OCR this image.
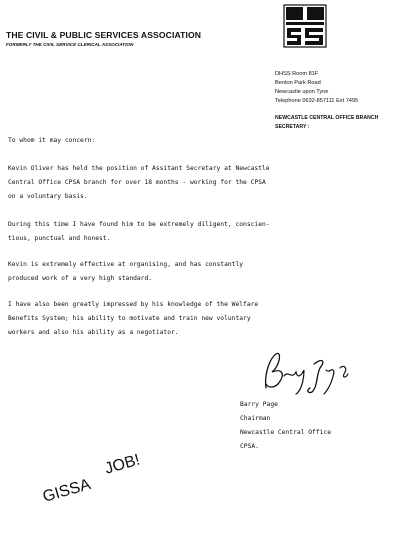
THE CIVIL & PUBLIC SERVICES ASSOCIATION
FORMERLY THE CIVIL SERVICE CLERICAL ASSOCIATION
DHSS Room 81F
Benton Park Road
Newcastle upon Tyne
Telephone 0632-857111 Ext 7495
NEWCASTLE CENTRAL OFFICE BRANCH
SECRETARY :
To whom it may concern:
Kevin Oliver has held the position of Assitant Secretary at Newcastle
Central Office CPSA branch for over 18 months - working for the CPSA
on a voluntary basis.
During this time I have found him to be extremely diligent, conscien-
tious, punctual and honest.
Kevin is extremely effective at organising, and has constantly
produced work of a very high standard.
I have also been greatly impressed by his knowledge of the Welfare
Benefits System; his ability to motivate and train new voluntary
workers and also his ability as a negotiator.
Barry Page
Chairman
Newcastle Central Office
CPSA.
GISSA JOB!
